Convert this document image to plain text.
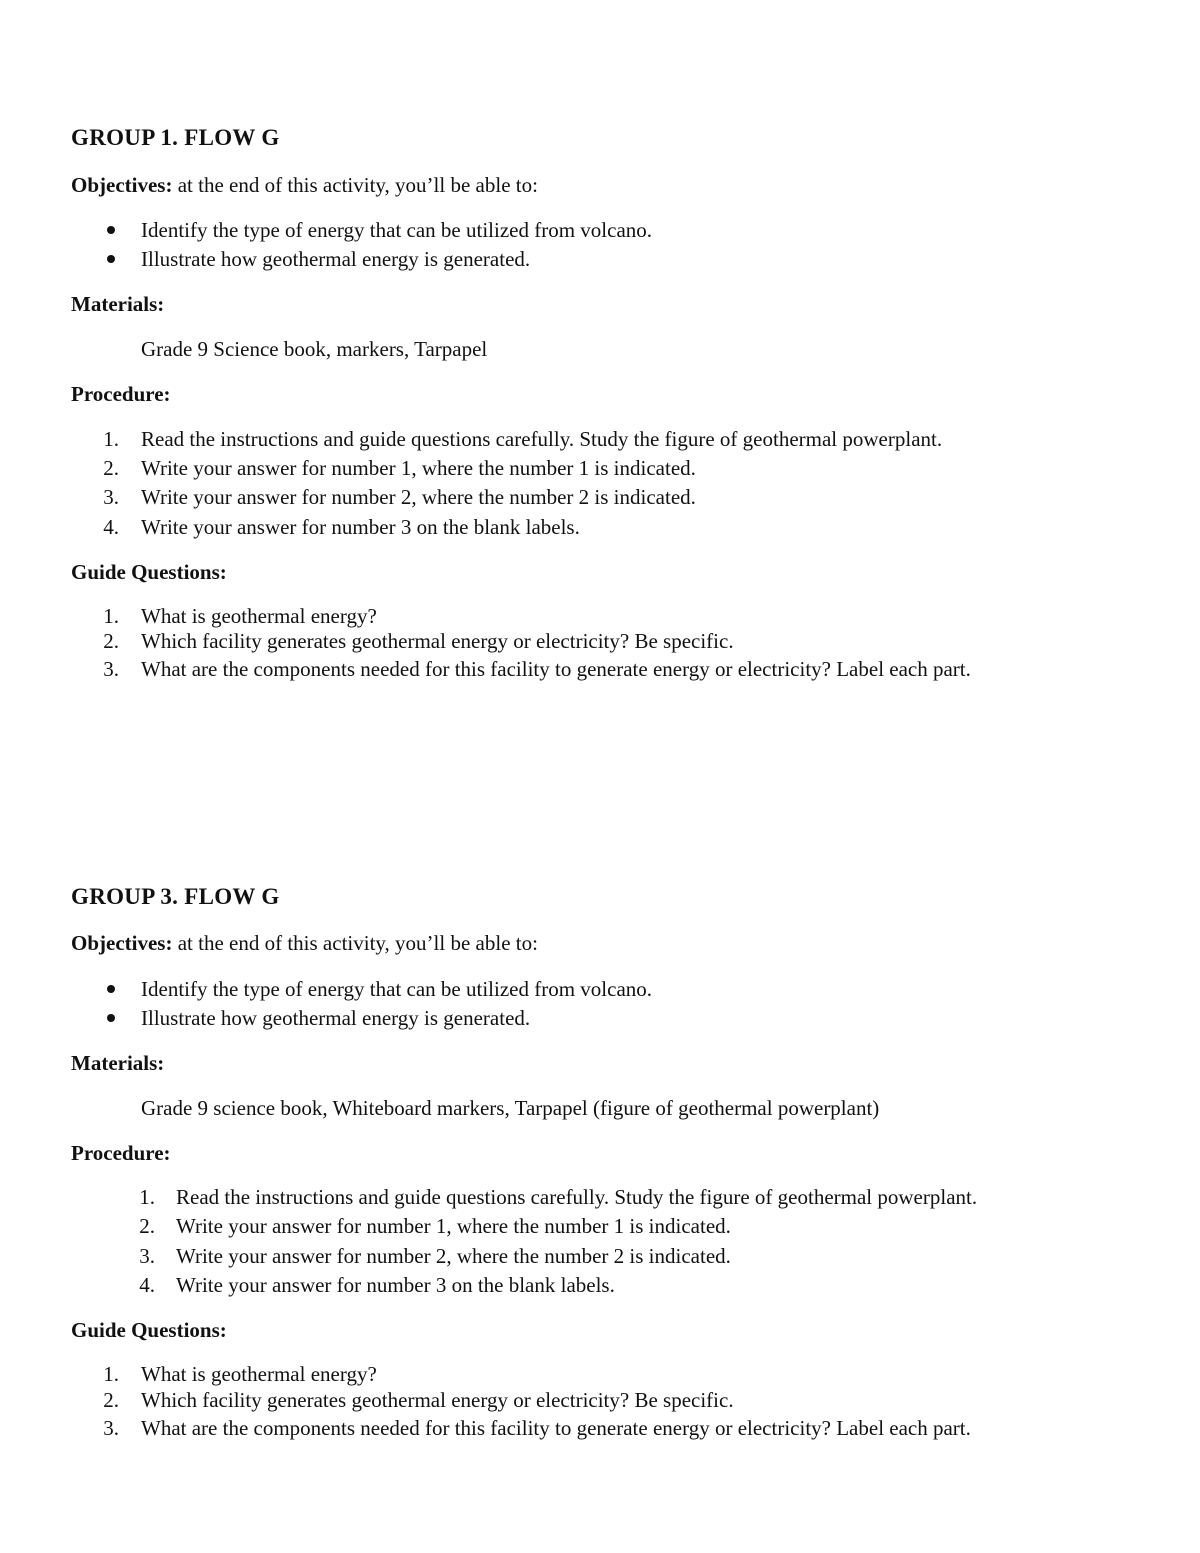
GROUP 1. FLOW G
Objectives: at the end of this activity, you’ll be able to:
Identify the type of energy that can be utilized from volcano.
Illustrate how geothermal energy is generated.
Materials:
Grade 9 Science book, markers, Tarpapel
Procedure:
1. Read the instructions and guide questions carefully. Study the figure of geothermal powerplant.
2. Write your answer for number 1, where the number 1 is indicated.
3. Write your answer for number 2, where the number 2 is indicated.
4. Write your answer for number 3 on the blank labels.
Guide Questions:
1. What is geothermal energy?
2. Which facility generates geothermal energy or electricity? Be specific.
3. What are the components needed for this facility to generate energy or electricity? Label each part.
GROUP 3. FLOW G
Objectives: at the end of this activity, you’ll be able to:
Identify the type of energy that can be utilized from volcano.
Illustrate how geothermal energy is generated.
Materials:
Grade 9 science book, Whiteboard markers, Tarpapel (figure of geothermal powerplant)
Procedure:
1. Read the instructions and guide questions carefully. Study the figure of geothermal powerplant.
2. Write your answer for number 1, where the number 1 is indicated.
3. Write your answer for number 2, where the number 2 is indicated.
4. Write your answer for number 3 on the blank labels.
Guide Questions:
1. What is geothermal energy?
2. Which facility generates geothermal energy or electricity? Be specific.
3. What are the components needed for this facility to generate energy or electricity? Label each part.
